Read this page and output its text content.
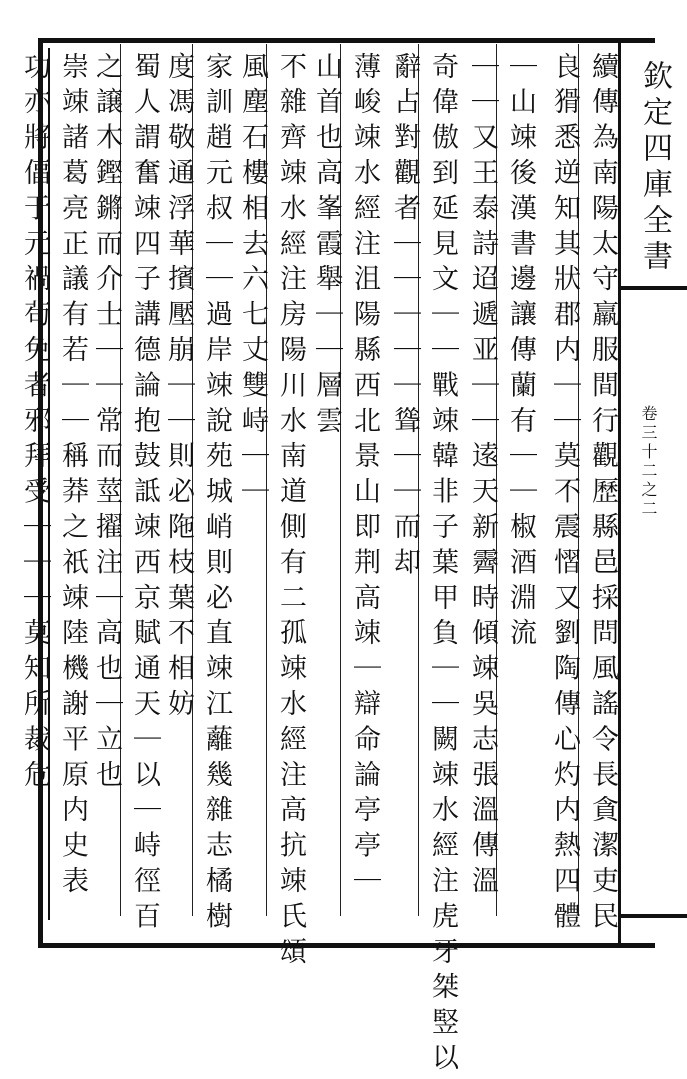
欽定四庫全書
卷三十二之二
續傳為南陽太守羸服間行觀歷縣邑採問風謠令長貪潔吏民
良猾悉逆知其狀郡内｜｜莫不震慴又劉陶傳心灼内熱四體
｜山竦後漢書邊讓傳蘭有｜｜椒酒淵流
｜｜又王泰詩迢遞亚｜｜逺天新霽時傾竦吳志張溫傳溫
奇偉傲到延見文｜｜戰竦韓非子葉甲負｜｜闕竦水經注虎牙桀竪以
辭占對觀者｜｜｜｜｜聳｜｜而却
薄峻竦水經注沮陽縣西北景山即荆高竦｜辯命論亭亭｜
山首也高峯霞舉｜｜層雲
不雜齊竦水經注房陽川水南道側有二孤竦水經注高抗竦氏頌
風塵石樓相去六七丈雙峙｜｜
家訓趙元叔｜｜過岸竦說苑城峭則必直竦江蘺幾雜志橘樹
度馮敬通浮華擯壓崩｜｜則必陁枝葉不相妨
蜀人謂奮竦四子講德論抱鼓詆竦西京賦通天｜以｜峙徑百
之譲木鏗鏘而介士｜｜常而莖擢注｜高也｜立也
崇竦諸葛亮正議有若｜｜稱莽之祇竦陸機謝平原内史表
功亦將偪于元禍茍免者邪拜受｜｜｜莫知所裁危
